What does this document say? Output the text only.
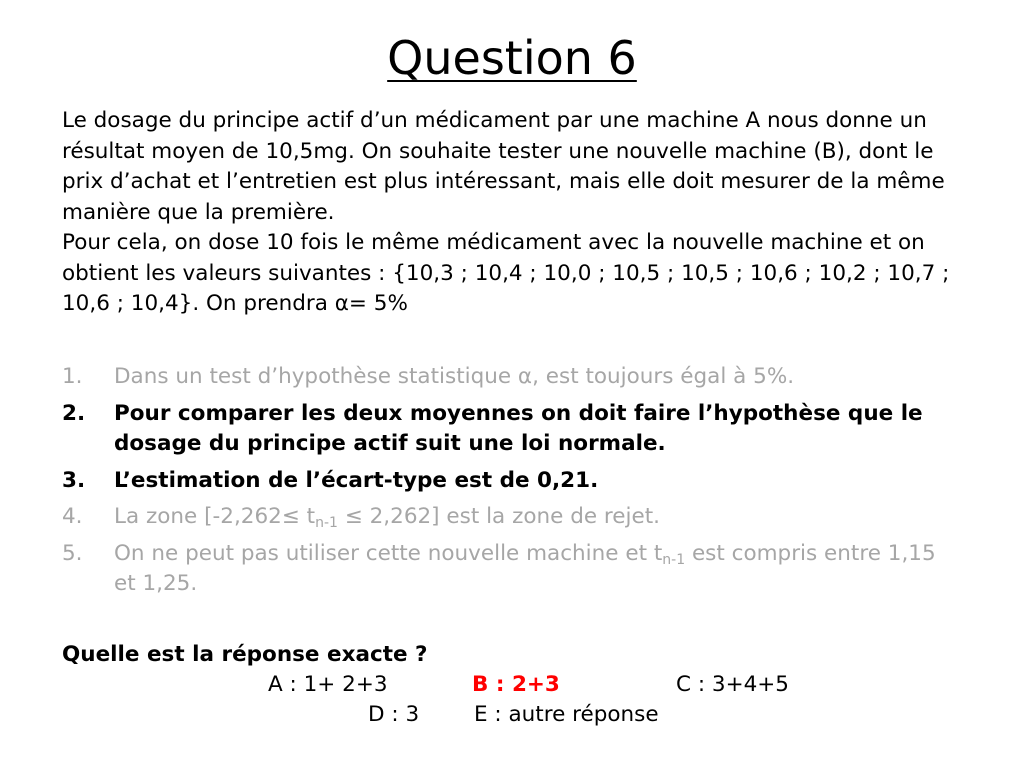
Question 6

Le dosage du principe actif d’un médicament par une machine A nous donne un résultat moyen de 10,5mg. On souhaite tester une nouvelle machine (B), dont le prix d’achat et l’entretien est plus intéressant, mais elle doit mesurer de la même manière que la première.

Pour cela, on dose 10 fois le même médicament avec la nouvelle machine et on obtient les valeurs suivantes : {10,3 ; 10,4 ; 10,0 ; 10,5 ; 10,5 ; 10,6 ; 10,2 ; 10,7 ; 10,6 ; 10,4}. On prendra α= 5%

1. Dans un test d’hypothèse statistique α, est toujours égal à 5%.
2. Pour comparer les deux moyennes on doit faire l’hypothèse que le dosage du principe actif suit une loi normale.
3. L’estimation de l’écart-type est de 0,21.
4. La zone $[-2,262\le t_{n-1} \le 2,262]$ est la zone de rejet.
5. On ne peut pas utiliser cette nouvelle machine et $t_{n-1}$ est compris entre 1,15 et 1,25.
Quelle est la réponse exacte ?
A : 1+ 2+3	B : 2+3	C : 3+4+5
D : 3	E : autre réponse
